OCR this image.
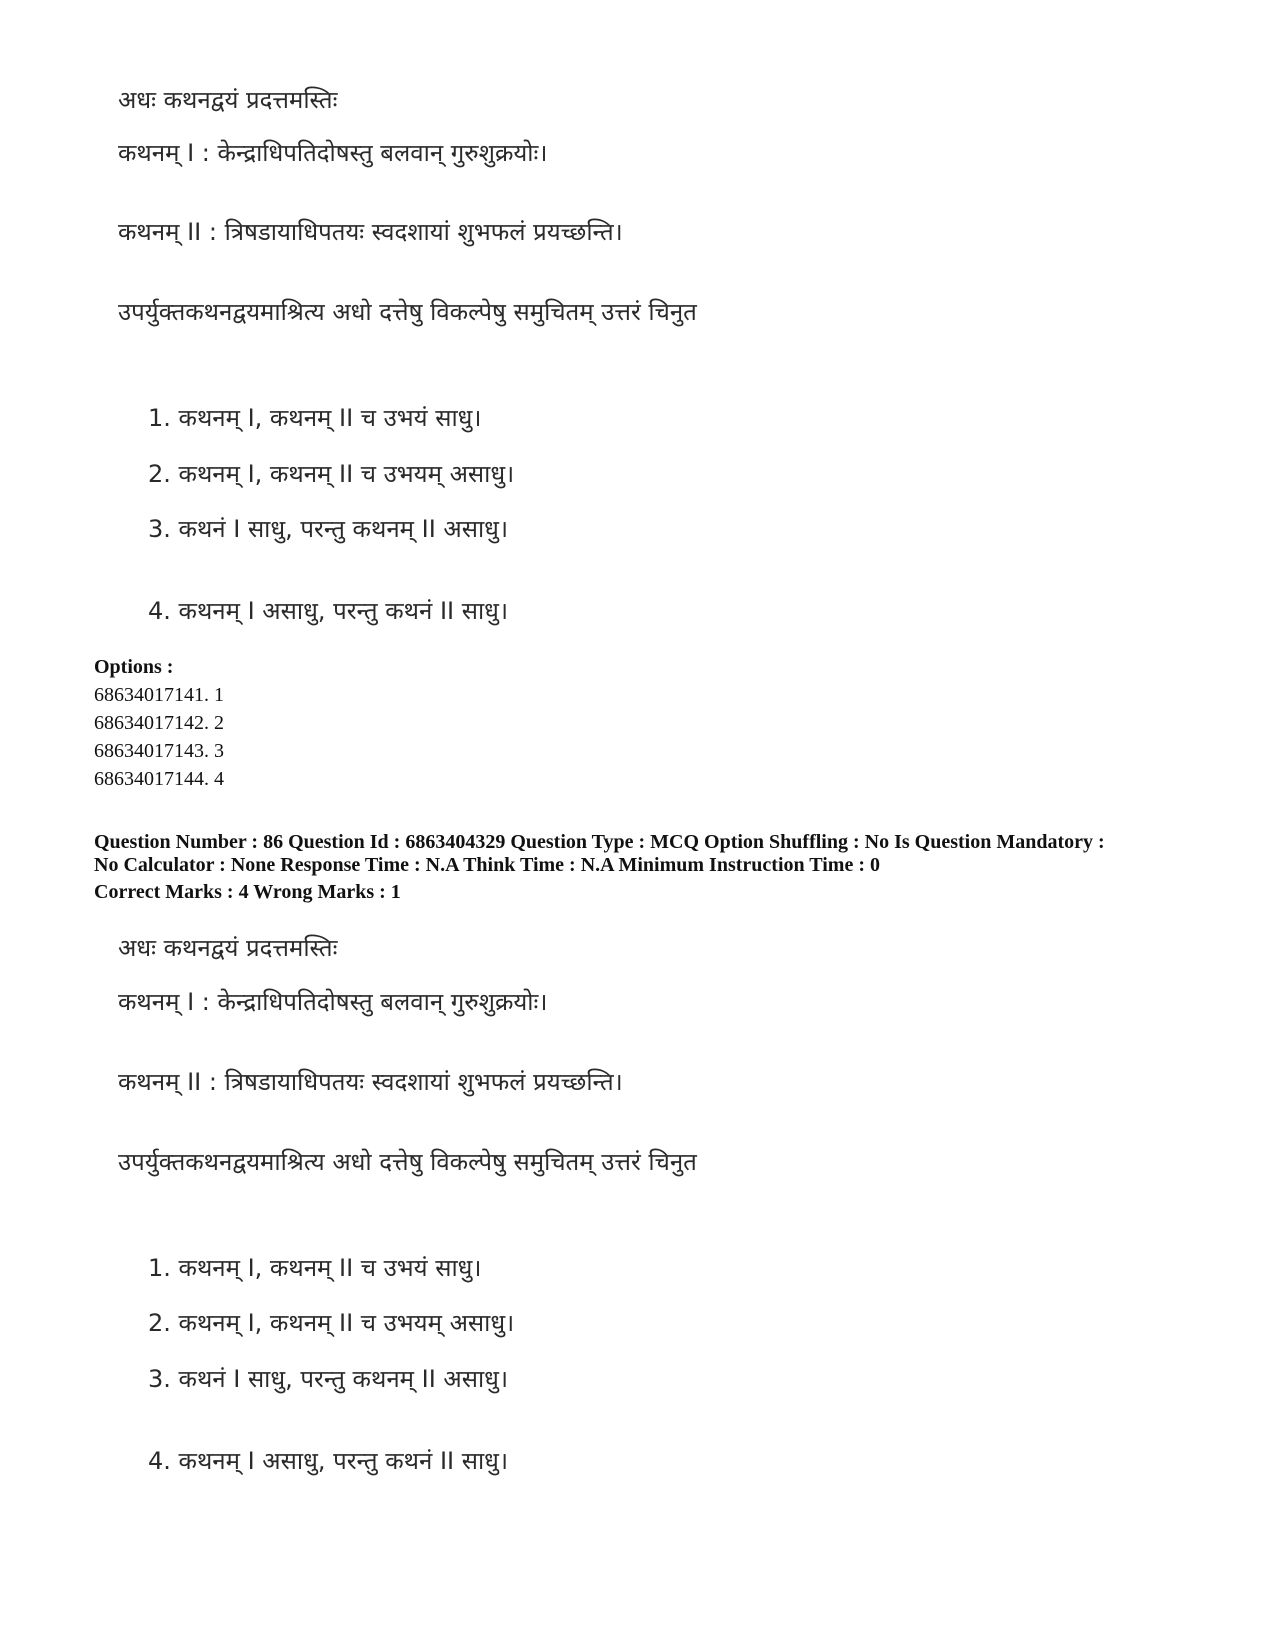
अधः कथनद्वयं प्रदत्तमस्तिः
कथनम् I : केन्द्राधिपतिदोषस्तु बलवान् गुरुशुक्रयोः।
कथनम् II : त्रिषडायाधिपतयः स्वदशायां शुभफलं प्रयच्छन्ति।
उपर्युक्तकथनद्वयमाश्रित्य अधो दत्तेषु विकल्पेषु समुचितम् उत्तरं चिनुत
1. कथनम् I, कथनम् II च उभयं साधु।
2. कथनम् I, कथनम् II च उभयम् असाधु।
3. कथनं I साधु, परन्तु कथनम् II असाधु।
4. कथनम् I असाधु, परन्तु कथनं II साधु।
Options :
68634017141. 1
68634017142. 2
68634017143. 3
68634017144. 4
Question Number : 86 Question Id : 6863404329 Question Type : MCQ Option Shuffling : No Is Question Mandatory :
No Calculator : None Response Time : N.A Think Time : N.A Minimum Instruction Time : 0
Correct Marks : 4 Wrong Marks : 1
अधः कथनद्वयं प्रदत्तमस्तिः
कथनम् I : केन्द्राधिपतिदोषस्तु बलवान् गुरुशुक्रयोः।
कथनम् II : त्रिषडायाधिपतयः स्वदशायां शुभफलं प्रयच्छन्ति।
उपर्युक्तकथनद्वयमाश्रित्य अधो दत्तेषु विकल्पेषु समुचितम् उत्तरं चिनुत
1. कथनम् I, कथनम् II च उभयं साधु।
2. कथनम् I, कथनम् II च उभयम् असाधु।
3. कथनं I साधु, परन्तु कथनम् II असाधु।
4. कथनम् I असाधु, परन्तु कथनं II साधु।
